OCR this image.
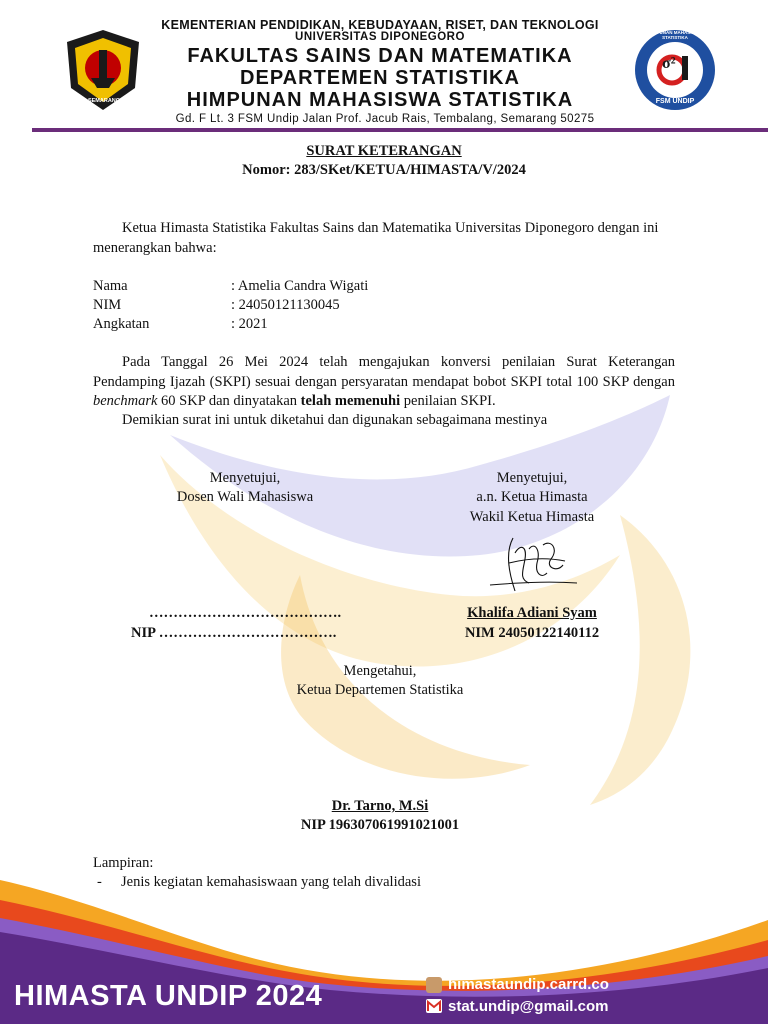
SEMARANG
σ²
HIMPUNAN MAHASISWA STATISTIKA
FSM UNDIP
KEMENTERIAN PENDIDIKAN, KEBUDAYAAN, RISET, DAN TEKNOLOGI
UNIVERSITAS DIPONEGORO
FAKULTAS SAINS DAN MATEMATIKA
DEPARTEMEN STATISTIKA
HIMPUNAN MAHASISWA STATISTIKA
Gd. F Lt. 3 FSM Undip Jalan Prof. Jacub Rais, Tembalang, Semarang 50275
SURAT KETERANGAN
Nomor: 283/SKet/KETUA/HIMASTA/V/2024
Ketua Himasta Statistika Fakultas Sains dan Matematika Universitas Diponegoro dengan ini menerangkan bahwa:
Nama	: Amelia Candra Wigati
NIM	: 24050121130045
Angkatan	: 2021
Pada Tanggal 26 Mei 2024 telah mengajukan konversi penilaian Surat Keterangan Pendamping Ijazah (SKPI) sesuai dengan persyaratan mendapat bobot SKPI total 100 SKP dengan benchmark 60 SKP dan dinyatakan telah memenuhi penilaian SKPI.
Demikian surat ini untuk diketahui dan digunakan sebagaimana mestinya
Menyetujui,
Dosen Wali Mahasiswa
………………………………….
NIP ……………………………….
Menyetujui,
a.n. Ketua Himasta
Wakil Ketua Himasta
Khalifa Adiani Syam
NIM 24050122140112
Mengetahui,
Ketua Departemen Statistika
Dr. Tarno, M.Si
NIP 196307061991021001
Lampiran:
- Jenis kegiatan kemahasiswaan yang telah divalidasi
HIMASTA UNDIP 2024	himastaundip.carrd.co
stat.undip@gmail.com
